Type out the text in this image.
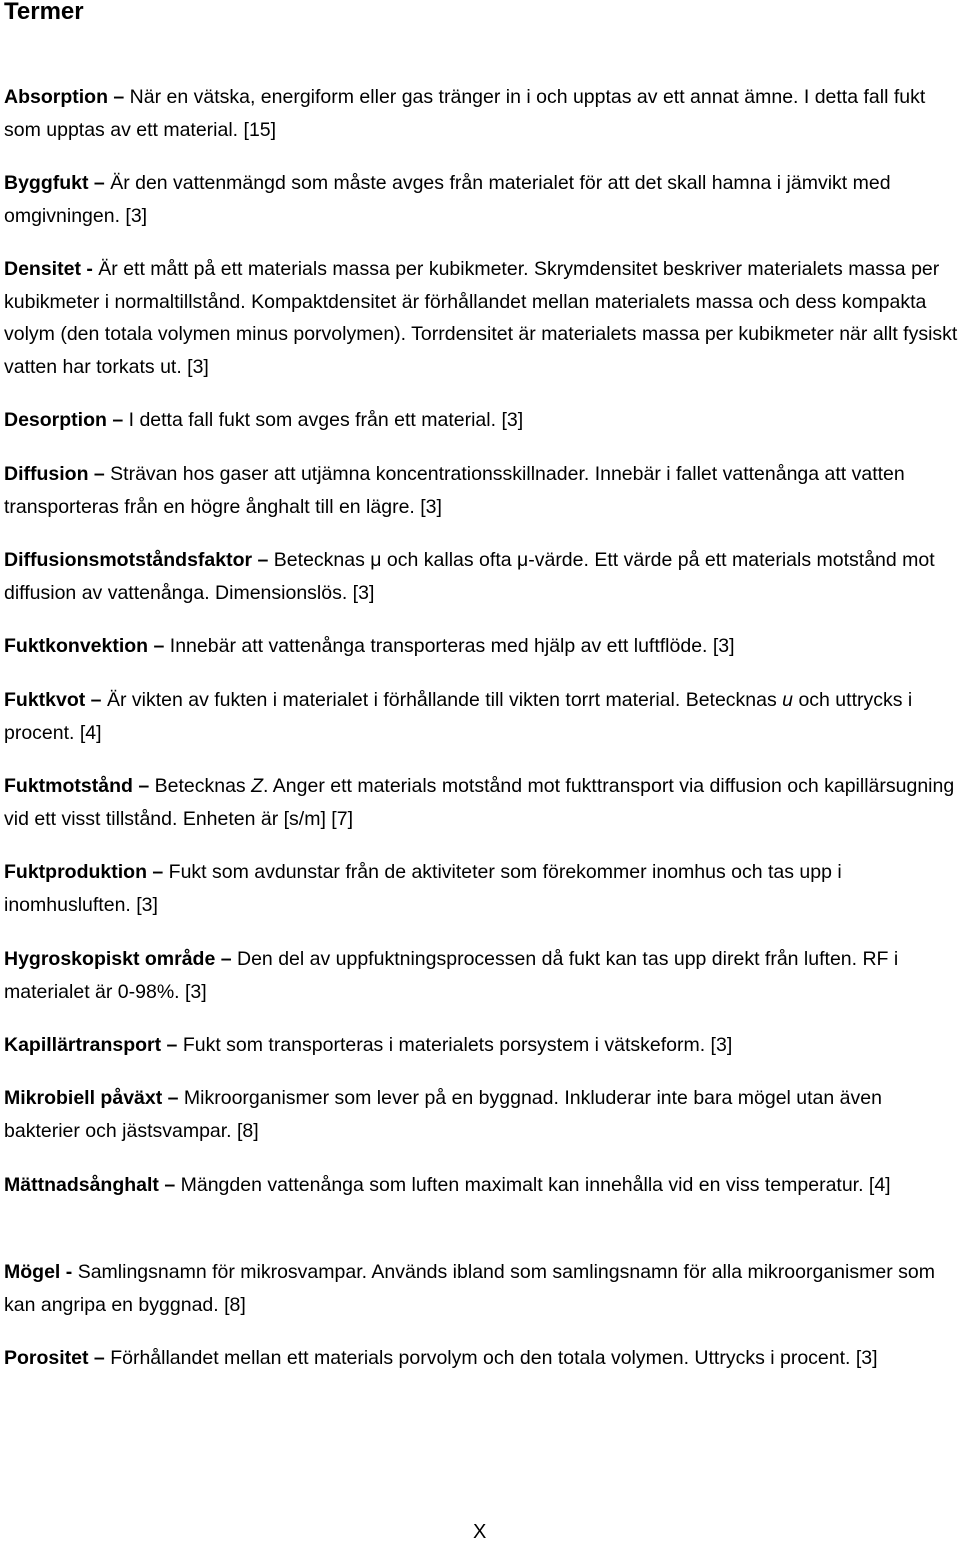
Termer

Absorption – När en vätska, energiform eller gas tränger in i och upptas av ett annat ämne. I detta fall fukt som upptas av ett material. [15]

Byggfukt – Är den vattenmängd som måste avges från materialet för att det skall hamna i jämvikt med omgivningen. [3]

Densitet - Är ett mått på ett materials massa per kubikmeter. Skrymdensitet beskriver materialets massa per kubikmeter i normaltillstånd. Kompaktdensitet är förhållandet mellan materialets massa och dess kompakta volym (den totala volymen minus porvolymen). Torrdensitet är materialets massa per kubikmeter när allt fysiskt vatten har torkats ut. [3]

Desorption – I detta fall fukt som avges från ett material. [3]

Diffusion – Strävan hos gaser att utjämna koncentrationsskillnader. Innebär i fallet vattenånga att vatten transporteras från en högre ånghalt till en lägre. [3]

Diffusionsmotståndsfaktor – Betecknas μ och kallas ofta μ-värde. Ett värde på ett materials motstånd mot diffusion av vattenånga. Dimensionslös. [3]

Fuktkonvektion – Innebär att vattenånga transporteras med hjälp av ett luftflöde. [3]

Fuktkvot – Är vikten av fukten i materialet i förhållande till vikten torrt material. Betecknas u och uttrycks i procent. [4]

Fuktmotstånd – Betecknas Z. Anger ett materials motstånd mot fukttransport via diffusion och kapillärsugning vid ett visst tillstånd. Enheten är [s/m] [7]

Fuktproduktion – Fukt som avdunstar från de aktiviteter som förekommer inomhus och tas upp i inomhusluften. [3]

Hygroskopiskt område – Den del av uppfuktningsprocessen då fukt kan tas upp direkt från luften. RF i materialet är 0-98%. [3]

Kapillärtransport – Fukt som transporteras i materialets porsystem i vätskeform. [3]

Mikrobiell påväxt – Mikroorganismer som lever på en byggnad. Inkluderar inte bara mögel utan även bakterier och jästsvampar. [8]

Mättnadsånghalt – Mängden vattenånga som luften maximalt kan innehålla vid en viss temperatur. [4]

Mögel - Samlingsnamn för mikrosvampar. Används ibland som samlingsnamn för alla mikroorganismer som kan angripa en byggnad. [8]

Porositet – Förhållandet mellan ett materials porvolym och den totala volymen. Uttrycks i procent. [3]

X
